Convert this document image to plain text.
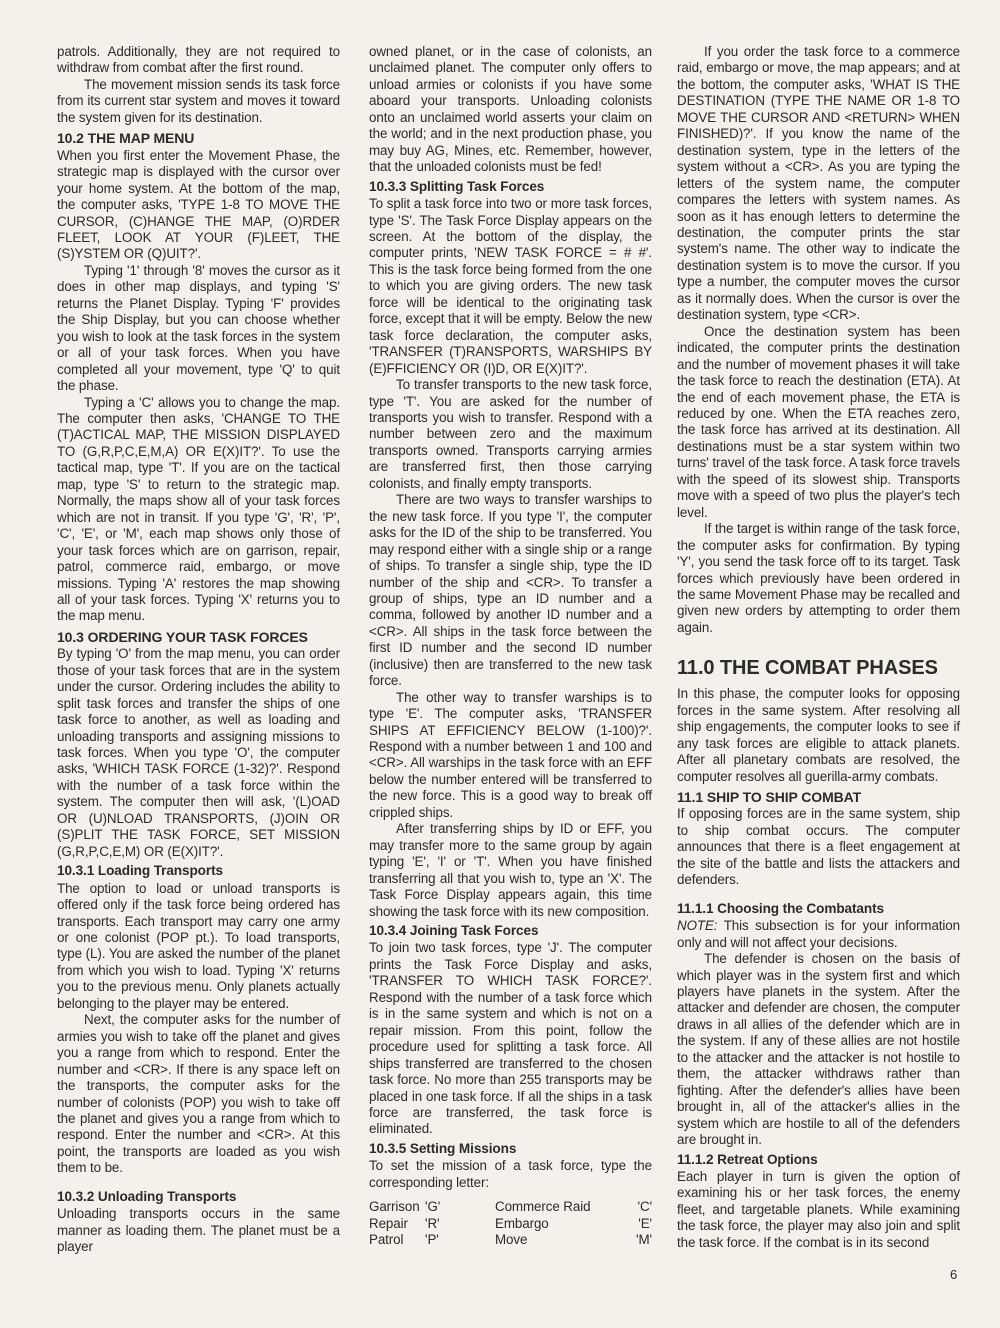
patrols. Additionally, they are not required to withdraw from combat after the first round.

The movement mission sends its task force from its current star system and moves it toward the system given for its destination.

10.2 THE MAP MENU

When you first enter the Movement Phase, the strategic map is displayed with the cursor over your home system. At the bottom of the map, the computer asks, 'TYPE 1-8 TO MOVE THE CURSOR, (C)HANGE THE MAP, (O)RDER FLEET, LOOK AT YOUR (F)LEET, THE (S)YSTEM OR (Q)UIT?'.

Typing '1' through '8' moves the cursor as it does in other map displays, and typing 'S' returns the Planet Display. Typing 'F' provides the Ship Display, but you can choose whether you wish to look at the task forces in the system or all of your task forces. When you have completed all your movement, type 'Q' to quit the phase.

Typing a 'C' allows you to change the map. The computer then asks, 'CHANGE TO THE (T)ACTICAL MAP, THE MISSION DISPLAYED TO (G,R,P,C,E,M,A) OR E(X)IT?'. To use the tactical map, type 'T'. If you are on the tactical map, type 'S' to return to the strategic map. Normally, the maps show all of your task forces which are not in transit. If you type 'G', 'R', 'P', 'C', 'E', or 'M', each map shows only those of your task forces which are on garrison, repair, patrol, commerce raid, embargo, or move missions. Typing 'A' restores the map showing all of your task forces. Typing 'X' returns you to the map menu.

10.3 ORDERING YOUR TASK FORCES

By typing 'O' from the map menu, you can order those of your task forces that are in the system under the cursor. Ordering includes the ability to split task forces and transfer the ships of one task force to another, as well as loading and unloading transports and assigning missions to task forces. When you type 'O', the computer asks, 'WHICH TASK FORCE (1-32)?'. Respond with the number of a task force within the system. The computer then will ask, '(L)OAD OR (U)NLOAD TRANSPORTS, (J)OIN OR (S)PLIT THE TASK FORCE, SET MISSION (G,R,P,C,E,M) OR (E(X)IT?'.

10.3.1 Loading Transports

The option to load or unload transports is offered only if the task force being ordered has transports. Each transport may carry one army or one colonist (POP pt.). To load transports, type (L). You are asked the number of the planet from which you wish to load. Typing 'X' returns you to the previous menu. Only planets actually belonging to the player may be entered.

Next, the computer asks for the number of armies you wish to take off the planet and gives you a range from which to respond. Enter the number and <CR>. If there is any space left on the transports, the computer asks for the number of colonists (POP) you wish to take off the planet and gives you a range from which to respond. Enter the number and <CR>. At this point, the transports are loaded as you wish them to be.

10.3.2 Unloading Transports

Unloading transports occurs in the same manner as loading them. The planet must be a player

owned planet, or in the case of colonists, an unclaimed planet. The computer only offers to unload armies or colonists if you have some aboard your transports. Unloading colonists onto an unclaimed world asserts your claim on the world; and in the next production phase, you may buy AG, Mines, etc. Remember, however, that the unloaded colonists must be fed!

10.3.3 Splitting Task Forces

To split a task force into two or more task forces, type 'S'. The Task Force Display appears on the screen. At the bottom of the display, the computer prints, 'NEW TASK FORCE = # #'. This is the task force being formed from the one to which you are giving orders. The new task force will be identical to the originating task force, except that it will be empty. Below the new task force declaration, the computer asks, 'TRANSFER (T)RANSPORTS, WARSHIPS BY (E)FFICIENCY OR (I)D, OR E(X)IT?'.

To transfer transports to the new task force, type 'T'. You are asked for the number of transports you wish to transfer. Respond with a number between zero and the maximum transports owned. Transports carrying armies are transferred first, then those carrying colonists, and finally empty transports.

There are two ways to transfer warships to the new task force. If you type 'I', the computer asks for the ID of the ship to be transferred. You may respond either with a single ship or a range of ships. To transfer a single ship, type the ID number of the ship and <CR>. To transfer a group of ships, type an ID number and a comma, followed by another ID number and a <CR>. All ships in the task force between the first ID number and the second ID number (inclusive) then are transferred to the new task force.

The other way to transfer warships is to type 'E'. The computer asks, 'TRANSFER SHIPS AT EFFICIENCY BELOW (1-100)?'. Respond with a number between 1 and 100 and <CR>. All warships in the task force with an EFF below the number entered will be transferred to the new force. This is a good way to break off crippled ships.

After transferring ships by ID or EFF, you may transfer more to the same group by again typing 'E', 'I' or 'T'. When you have finished transferring all that you wish to, type an 'X'. The Task Force Display appears again, this time showing the task force with its new composition.

10.3.4 Joining Task Forces

To join two task forces, type 'J'. The computer prints the Task Force Display and asks, 'TRANSFER TO WHICH TASK FORCE?'. Respond with the number of a task force which is in the same system and which is not on a repair mission. From this point, follow the procedure used for splitting a task force. All ships transferred are transferred to the chosen task force. No more than 255 transports may be placed in one task force. If all the ships in a task force are transferred, the task force is eliminated.

10.3.5 Setting Missions

To set the mission of a task force, type the corresponding letter:

Garrison	'G'	Commerce Raid	'C'
Repair	'R'	Embargo	'E'
Patrol	'P'	Move	'M'

If you order the task force to a commerce raid, embargo or move, the map appears; and at the bottom, the computer asks, 'WHAT IS THE DESTINATION (TYPE THE NAME OR 1-8 TO MOVE THE CURSOR AND <RETURN> WHEN FINISHED)?'. If you know the name of the destination system, type in the letters of the system without a <CR>. As you are typing the letters of the system name, the computer compares the letters with system names. As soon as it has enough letters to determine the destination, the computer prints the star system's name. The other way to indicate the destination system is to move the cursor. If you type a number, the computer moves the cursor as it normally does. When the cursor is over the destination system, type <CR>.

Once the destination system has been indicated, the computer prints the destination and the number of movement phases it will take the task force to reach the destination (ETA). At the end of each movement phase, the ETA is reduced by one. When the ETA reaches zero, the task force has arrived at its destination. All destinations must be a star system within two turns' travel of the task force. A task force travels with the speed of its slowest ship. Transports move with a speed of two plus the player's tech level.

If the target is within range of the task force, the computer asks for confirmation. By typing 'Y', you send the task force off to its target. Task forces which previously have been ordered in the same Movement Phase may be recalled and given new orders by attempting to order them again.

11.0 THE COMBAT PHASES

In this phase, the computer looks for opposing forces in the same system. After resolving all ship engagements, the computer looks to see if any task forces are eligible to attack planets. After all planetary combats are resolved, the computer resolves all guerilla-army combats.

11.1 SHIP TO SHIP COMBAT

If opposing forces are in the same system, ship to ship combat occurs. The computer announces that there is a fleet engagement at the site of the battle and lists the attackers and defenders.

11.1.1 Choosing the Combatants

NOTE: This subsection is for your information only and will not affect your decisions.

The defender is chosen on the basis of which player was in the system first and which players have planets in the system. After the attacker and defender are chosen, the computer draws in all allies of the defender which are in the system. If any of these allies are not hostile to the attacker and the attacker is not hostile to them, the attacker withdraws rather than fighting. After the defender's allies have been brought in, all of the attacker's allies in the system which are hostile to all of the defenders are brought in.

11.1.2 Retreat Options

Each player in turn is given the option of examining his or her task forces, the enemy fleet, and targetable planets. While examining the task force, the player may also join and split the task force. If the combat is in its second

6
